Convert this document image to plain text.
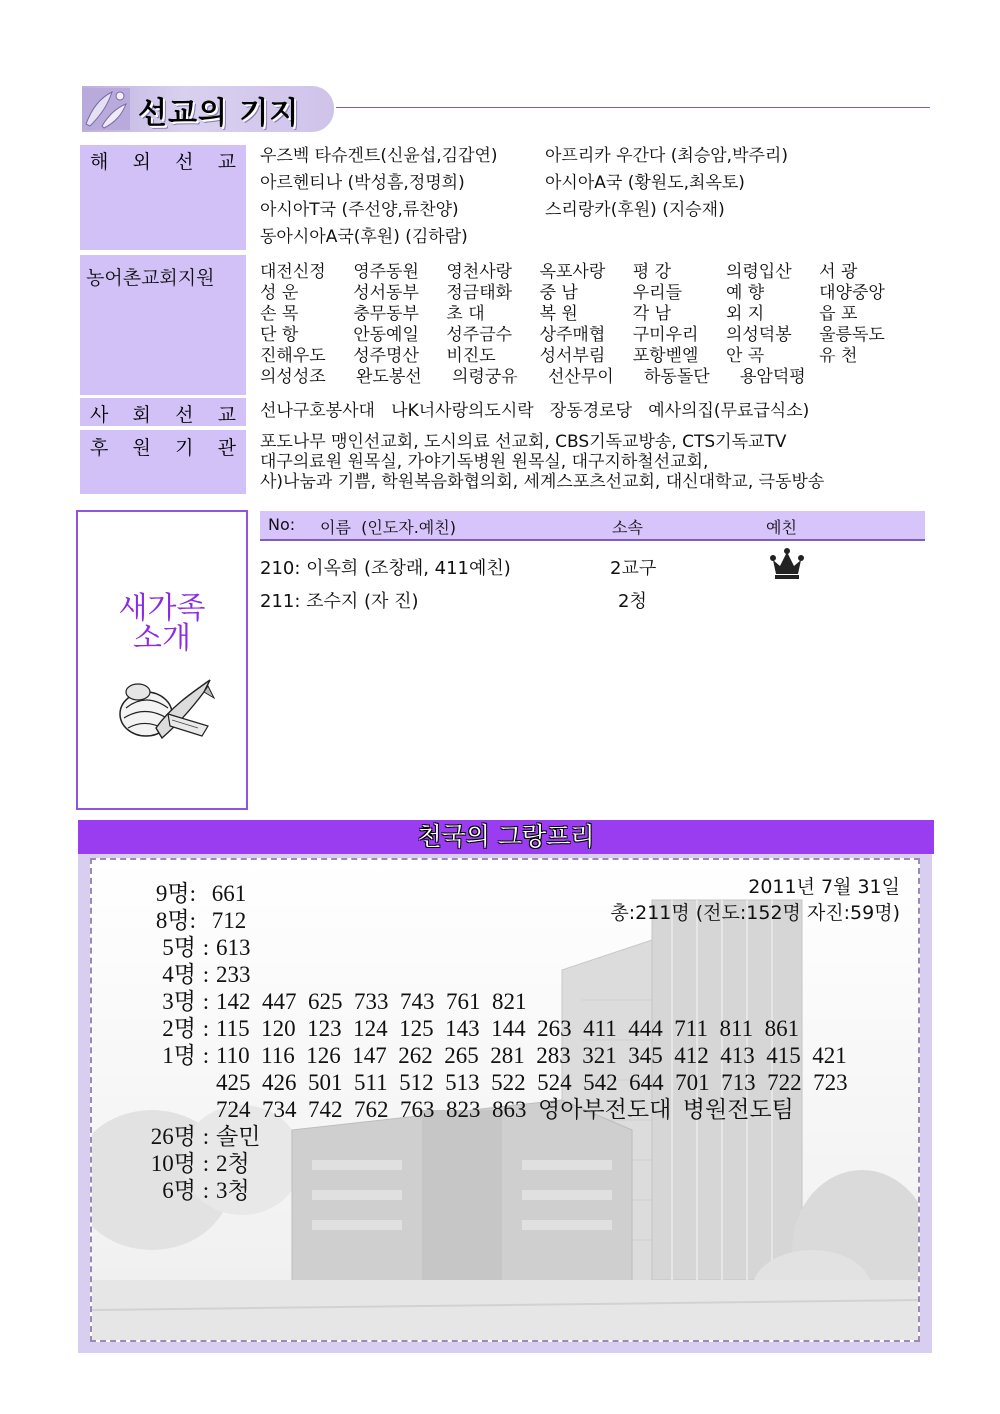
선교의 기지
해 외 선 교 우즈벡 타슈겐트(신윤섭,김갑연)	아프리카 우간다 (최승암,박주리)
아르헨티나 (박성흠,정명희)	아시아A국 (황원도,최옥토)
아시아T국 (주선양,류찬양)	스리랑카(후원) (지승재)
동아시아A국(후원) (김하람)
농어촌교회지원	대전신정	영주동원	영천사랑	옥포사랑	평 강	의령입산	서 광
성 운	성서동부	정금태화	중 남	우리들	예 향	대양중앙
손 목	충무동부	초 대	복 원	각 남	외 지	읍 포
단 항	안동예일	성주금수	상주매협	구미우리	의성덕봉	울릉독도
진해우도	성주명산	비진도	성서부림	포항벧엘	안 곡	유 천
의성성조	완도봉선	의령궁유	선산무이	하동돌단	용암덕평
사 회 선 교 선나구호봉사대   나K너사랑의도시락   장동경로당   예사의집(무료급식소)
후 원 기 관 포도나무 맹인선교회, 도시의료 선교회, CBS기독교방송, CTS기독교TV
대구의료원 원목실, 가야기독병원 원목실, 대구지하철선교회,
사)나눔과 기쁨, 학원복음화협의회, 세계스포츠선교회, 대신대학교, 극동방송
새가족
소개
No: 이름  (인도자.예친)	소속	예친
210: 이옥희 (조창래, 411예친)	2교구
211: 조수지 (자 진)	2청
천국의 그랑프리
2011년 7월 31일
총:211명 (전도:152명 자진:59명)
9명: 661
8명: 712
5명 : 613
4명 : 233
3명 : 142  447  625  733  743  761  821
2명 : 115  120  123  124  125  143  144  263  411  444  711  811  861
1명 : 110  116  126  147  262  265  281  283  321  345  412  413  415  421
425  426  501  511  512  513  522  524  542  644  701  713  722  723
724  734  742  762  763  823  863  영아부전도대  병원전도팀
26명 : 솔민
10명 : 2청
6명 : 3청
